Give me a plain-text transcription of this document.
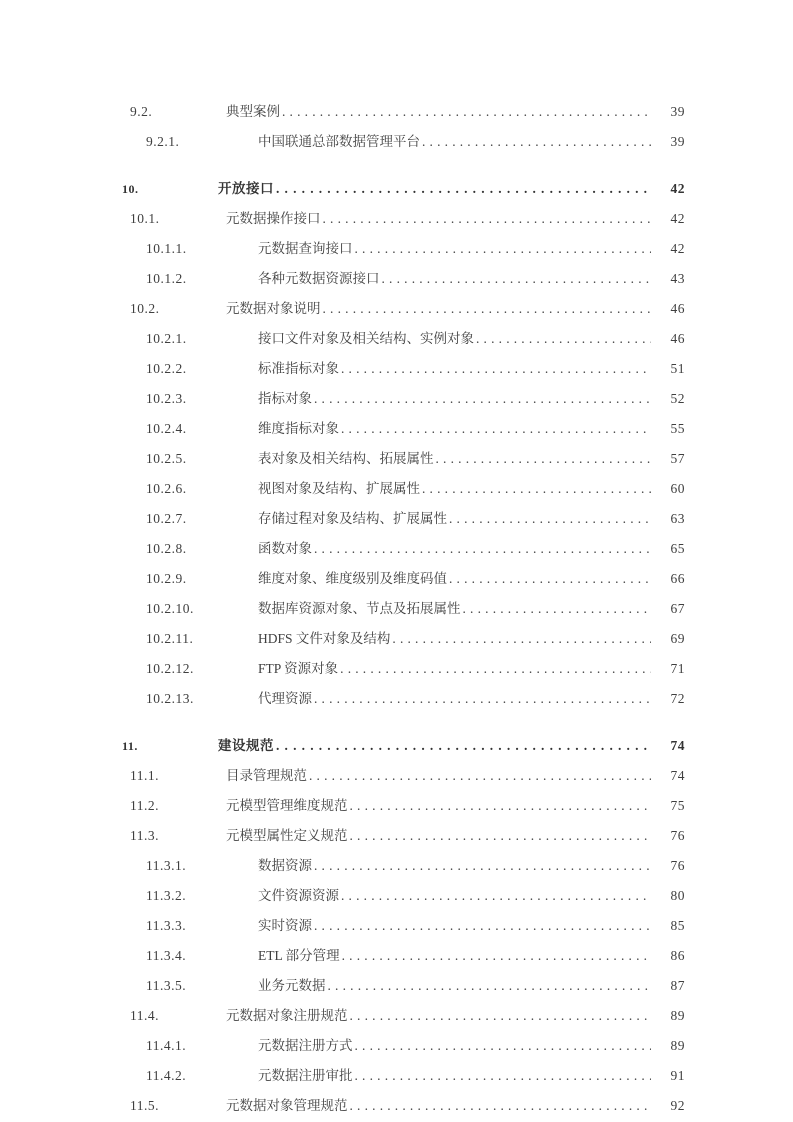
9.2.	典型案例 . . .	39
9.2.1.	中国联通总部数据管理平台 . . .	39
10.	开放接口 . . .	42
10.1.	元数据操作接口 . . .	42
10.1.1.	元数据查询接口 . . .	42
10.1.2.	各种元数据资源接口 . . .	43
10.2.	元数据对象说明 . . .	46
10.2.1.	接口文件对象及相关结构、实例对象 . . .	46
10.2.2.	标准指标对象 . . .	51
10.2.3.	指标对象 . . .	52
10.2.4.	维度指标对象 . . .	55
10.2.5.	表对象及相关结构、拓展属性 . . .	57
10.2.6.	视图对象及结构、扩展属性 . . .	60
10.2.7.	存储过程对象及结构、扩展属性 . . .	63
10.2.8.	函数对象 . . .	65
10.2.9.	维度对象、维度级别及维度码值 . . .	66
10.2.10.	数据库资源对象、节点及拓展属性 . . .	67
10.2.11.	HDFS 文件对象及结构 . . .	69
10.2.12.	FTP 资源对象 . . .	71
10.2.13.	代理资源 . . .	72
11.	建设规范 . . .	74
11.1.	目录管理规范 . . .	74
11.2.	元模型管理维度规范 . . .	75
11.3.	元模型属性定义规范 . . .	76
11.3.1.	数据资源 . . .	76
11.3.2.	文件资源资源 . . .	80
11.3.3.	实时资源 . . .	85
11.3.4.	ETL 部分管理 . . .	86
11.3.5.	业务元数据 . . .	87
11.4.	元数据对象注册规范 . . .	89
11.4.1.	元数据注册方式 . . .	89
11.4.2.	元数据注册审批 . . .	91
11.5.	元数据对象管理规范 . . .	92
